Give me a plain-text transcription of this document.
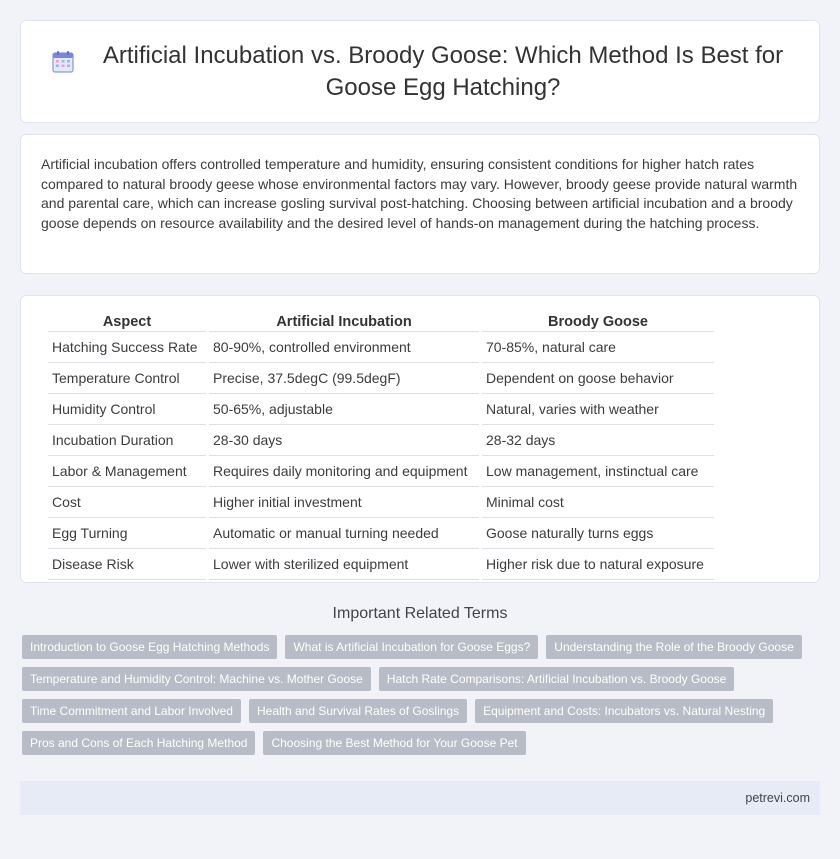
Artificial Incubation vs. Broody Goose: Which Method Is Best for Goose Egg Hatching?

Artificial incubation offers controlled temperature and humidity, ensuring consistent conditions for higher hatch rates compared to natural broody geese whose environmental factors may vary. However, broody geese provide natural warmth and parental care, which can increase gosling survival post-hatching. Choosing between artificial incubation and a broody goose depends on resource availability and the desired level of hands-on management during the hatching process.

Aspect	Artificial Incubation	Broody Goose
Hatching Success Rate	80-90%, controlled environment	70-85%, natural care
Temperature Control	Precise, 37.5degC (99.5degF)	Dependent on goose behavior
Humidity Control	50-65%, adjustable	Natural, varies with weather
Incubation Duration	28-30 days	28-32 days
Labor & Management	Requires daily monitoring and equipment	Low management, instinctual care
Cost	Higher initial investment	Minimal cost
Egg Turning	Automatic or manual turning needed	Goose naturally turns eggs
Disease Risk	Lower with sterilized equipment	Higher risk due to natural exposure
Important Related Terms
Introduction to Goose Egg Hatching Methods	What is Artificial Incubation for Goose Eggs?	Understanding the Role of the Broody Goose
Temperature and Humidity Control: Machine vs. Mother Goose	Hatch Rate Comparisons: Artificial Incubation vs. Broody Goose
Time Commitment and Labor Involved	Health and Survival Rates of Goslings	Equipment and Costs: Incubators vs. Natural Nesting
Pros and Cons of Each Hatching Method	Choosing the Best Method for Your Goose Pet
petrevi.com
